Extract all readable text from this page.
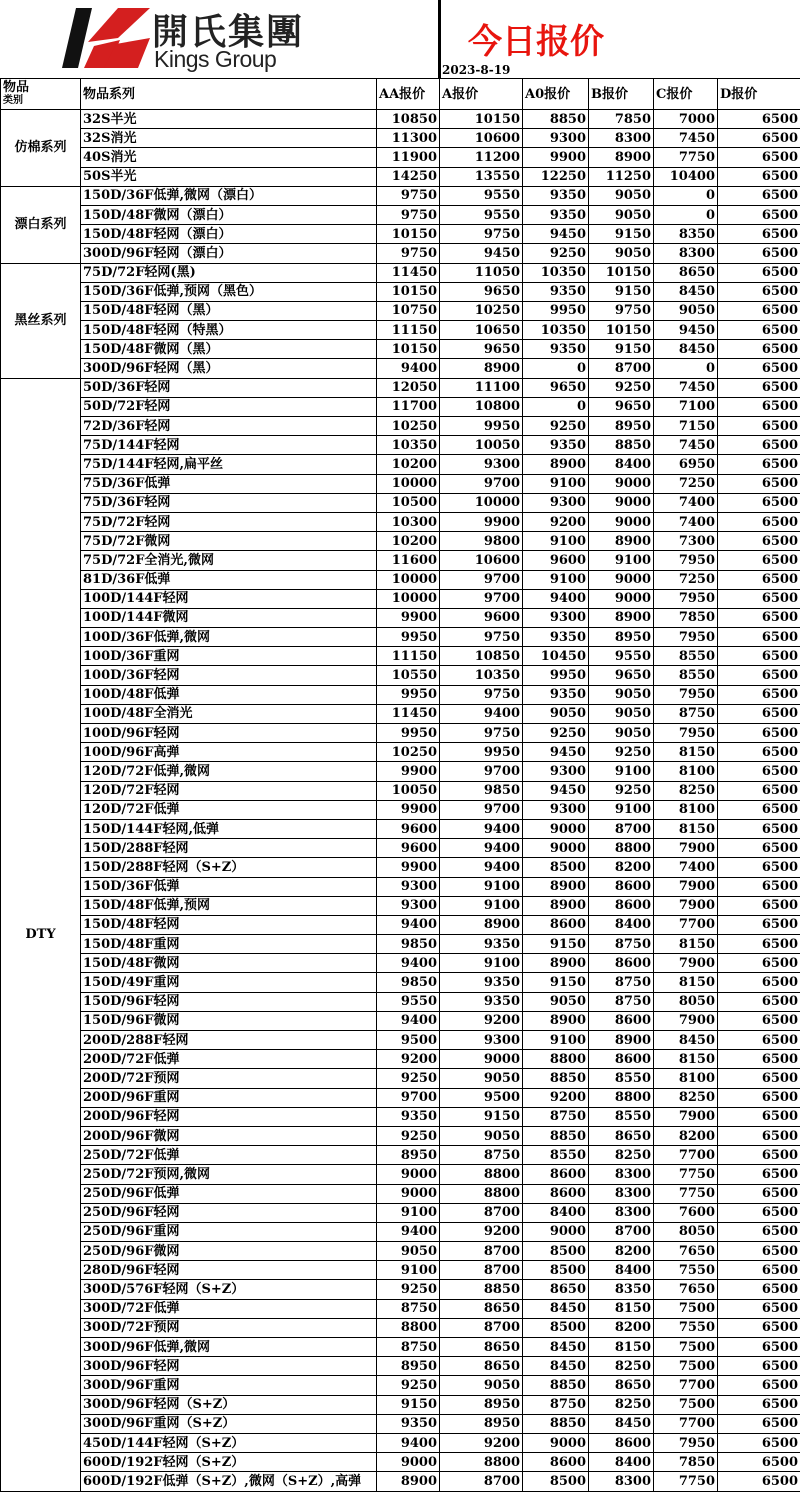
開氏集團
Kings Group	今日报价
2023-8-19
物品
类别	物品系列	AA报价	A报价	A0报价	B报价	C报价	D报价
仿棉系列	32S半光	10850	10150	8850	7850	7000	6500
	32S消光	11300	10600	9300	8300	7450	6500
	40S消光	11900	11200	9900	8900	7750	6500
	50S半光	14250	13550	12250	11250	10400	6500
漂白系列	150D/36F低弹,微网（漂白）	9750	9550	9350	9050	0	6500
	150D/48F微网（漂白）	9750	9550	9350	9050	0	6500
	150D/48F轻网（漂白）	10150	9750	9450	9150	8350	6500
	300D/96F轻网（漂白）	9750	9450	9250	9050	8300	6500
黑丝系列	75D/72F轻网(黑)	11450	11050	10350	10150	8650	6500
	150D/36F低弹,预网（黑色）	10150	9650	9350	9150	8450	6500
	150D/48F轻网（黑）	10750	10250	9950	9750	9050	6500
	150D/48F轻网（特黑）	11150	10650	10350	10150	9450	6500
	150D/48F微网（黑）	10150	9650	9350	9150	8450	6500
	300D/96F轻网（黑）	9400	8900	0	8700	0	6500
DTY	50D/36F轻网	12050	11100	9650	9250	7450	6500
	50D/72F轻网	11700	10800	0	9650	7100	6500
	72D/36F轻网	10250	9950	9250	8950	7150	6500
	75D/144F轻网	10350	10050	9350	8850	7450	6500
	75D/144F轻网,扁平丝	10200	9300	8900	8400	6950	6500
	75D/36F低弹	10000	9700	9100	9000	7250	6500
	75D/36F轻网	10500	10000	9300	9000	7400	6500
	75D/72F轻网	10300	9900	9200	9000	7400	6500
	75D/72F微网	10200	9800	9100	8900	7300	6500
	75D/72F全消光,微网	11600	10600	9600	9100	7950	6500
	81D/36F低弹	10000	9700	9100	9000	7250	6500
	100D/144F轻网	10000	9700	9400	9000	7950	6500
	100D/144F微网	9900	9600	9300	8900	7850	6500
	100D/36F低弹,微网	9950	9750	9350	8950	7950	6500
	100D/36F重网	11150	10850	10450	9550	8550	6500
	100D/36F轻网	10550	10350	9950	9650	8550	6500
	100D/48F低弹	9950	9750	9350	9050	7950	6500
	100D/48F全消光	11450	9400	9050	9050	8750	6500
	100D/96F轻网	9950	9750	9250	9050	7950	6500
	100D/96F高弹	10250	9950	9450	9250	8150	6500
	120D/72F低弹,微网	9900	9700	9300	9100	8100	6500
	120D/72F轻网	10050	9850	9450	9250	8250	6500
	120D/72F低弹	9900	9700	9300	9100	8100	6500
	150D/144F轻网,低弹	9600	9400	9000	8700	8150	6500
	150D/288F轻网	9600	9400	9000	8800	7900	6500
	150D/288F轻网（S+Z）	9900	9400	8500	8200	7400	6500
	150D/36F低弹	9300	9100	8900	8600	7900	6500
	150D/48F低弹,预网	9300	9100	8900	8600	7900	6500
	150D/48F轻网	9400	8900	8600	8400	7700	6500
	150D/48F重网	9850	9350	9150	8750	8150	6500
	150D/48F微网	9400	9100	8900	8600	7900	6500
	150D/49F重网	9850	9350	9150	8750	8150	6500
	150D/96F轻网	9550	9350	9050	8750	8050	6500
	150D/96F微网	9400	9200	8900	8600	7900	6500
	200D/288F轻网	9500	9300	9100	8900	8450	6500
	200D/72F低弹	9200	9000	8800	8600	8150	6500
	200D/72F预网	9250	9050	8850	8550	8100	6500
	200D/96F重网	9700	9500	9200	8800	8250	6500
	200D/96F轻网	9350	9150	8750	8550	7900	6500
	200D/96F微网	9250	9050	8850	8650	8200	6500
	250D/72F低弹	8950	8750	8550	8250	7700	6500
	250D/72F预网,微网	9000	8800	8600	8300	7750	6500
	250D/96F低弹	9000	8800	8600	8300	7750	6500
	250D/96F轻网	9100	8700	8400	8300	7600	6500
	250D/96F重网	9400	9200	9000	8700	8050	6500
	250D/96F微网	9050	8700	8500	8200	7650	6500
	280D/96F轻网	9100	8700	8500	8400	7550	6500
	300D/576F轻网（S+Z）	9250	8850	8650	8350	7650	6500
	300D/72F低弹	8750	8650	8450	8150	7500	6500
	300D/72F预网	8800	8700	8500	8200	7550	6500
	300D/96F低弹,微网	8750	8650	8450	8150	7500	6500
	300D/96F轻网	8950	8650	8450	8250	7500	6500
	300D/96F重网	9250	9050	8850	8650	7700	6500
	300D/96F轻网（S+Z）	9150	8950	8750	8250	7500	6500
	300D/96F重网（S+Z）	9350	8950	8850	8450	7700	6500
	450D/144F轻网（S+Z）	9400	9200	9000	8600	7950	6500
	600D/192F轻网（S+Z）	9000	8800	8600	8400	7850	6500
	600D/192F低弹（S+Z）,微网（S+Z）,高弹	8900	8700	8500	8300	7750	6500
